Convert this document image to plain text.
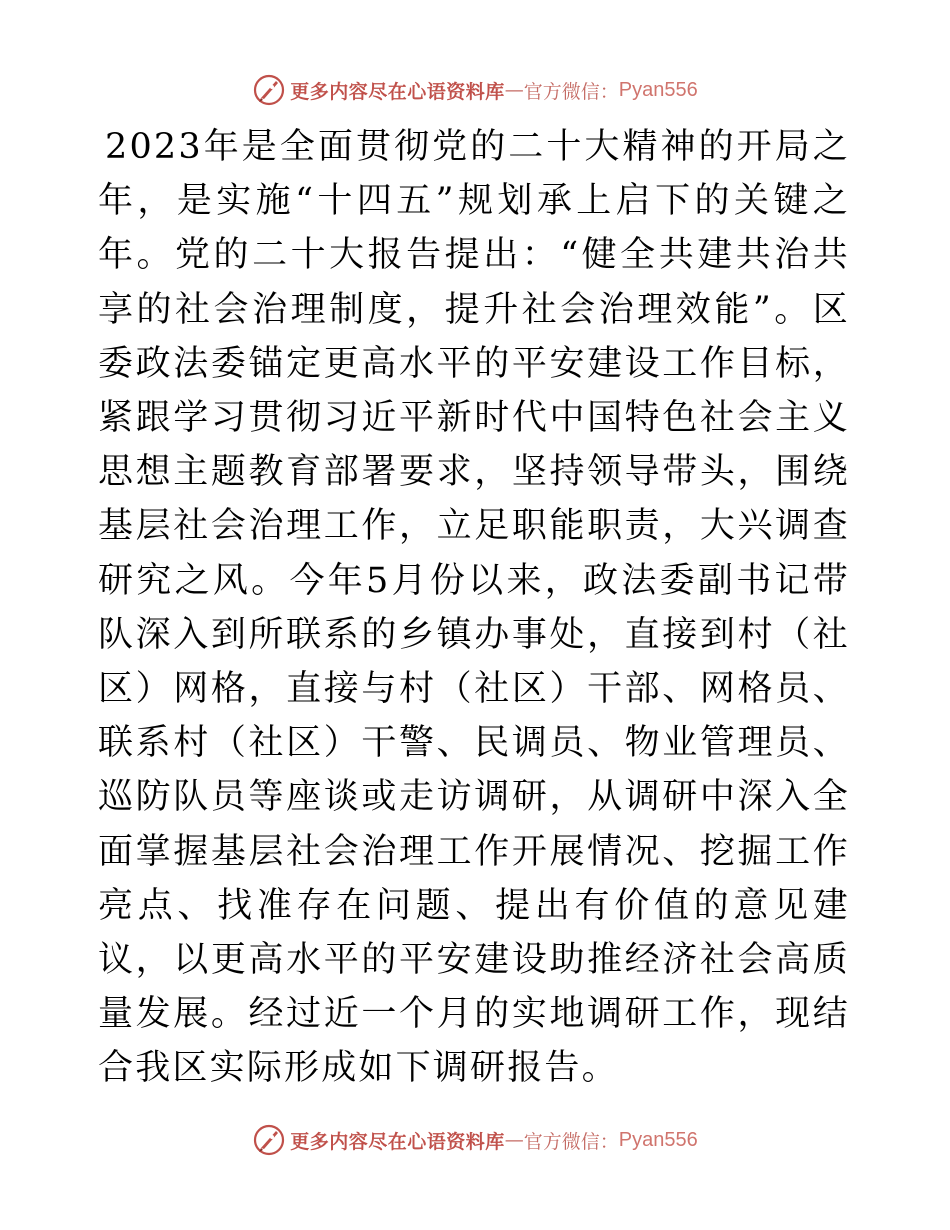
更多内容尽在心语资料库 — 官方微信： Pyan556

2023年是全面贯彻党的二十大精神的开局之年，是实施“十四五”规划承上启下的关键之年。党的二十大报告提出：“健全共建共治共享的社会治理制度，提升社会治理效能”。区委政法委锚定更高水平的平安建设工作目标，紧跟学习贯彻习近平新时代中国特色社会主义思想主题教育部署要求，坚持领导带头，围绕基层社会治理工作，立足职能职责，大兴调查研究之风。今年5月份以来，政法委副书记带队深入到所联系的乡镇办事处，直接到村（社区）网格，直接与村（社区）干部、网格员、联系村（社区）干警、民调员、物业管理员、巡防队员等座谈或走访调研，从调研中深入全面掌握基层社会治理工作开展情况、挖掘工作亮点、找准存在问题、提出有价值的意见建议，以更高水平的平安建设助推经济社会高质量发展。经过近一个月的实地调研工作，现结合我区实际形成如下调研报告。

更多内容尽在心语资料库 — 官方微信： Pyan556
